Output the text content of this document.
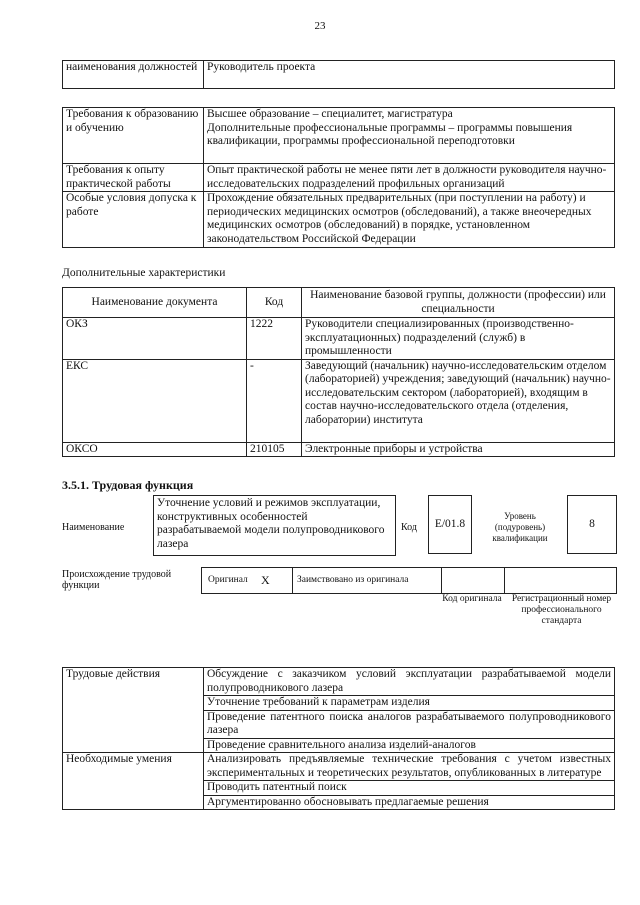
23
наименования должностей	Руководитель проекта
Требования к образованию и обучению	Высшее образование – специалитет, магистратура
Дополнительные профессиональные программы – программы повышения квалификации, программы профессиональной переподготовки

Требования к опыту практической работы	Опыт практической работы не менее пяти лет в должности руководителя научно-исследовательских подразделений профильных организаций

Особые условия допуска к работе	Прохождение обязательных предварительных (при поступлении на работу) и периодических медицинских осмотров (обследований), а также внеочередных медицинских осмотров (обследований) в порядке, установленном законодательством Российской Федерации
Дополнительные характеристики
Наименование документа	Код	Наименование базовой группы, должности (профессии) или специальности
ОКЗ	1222	Руководители специализированных (производственно-эксплуатационных) подразделений (служб) в промышленности
ЕКС	-	Заведующий (начальник) научно-исследовательским отделом (лабораторией) учреждения; заведующий (начальник) научно-исследовательским сектором (лабораторией), входящим в состав научно-исследовательского отдела (отделения, лаборатории) института
ОКСО	210105	Электронные приборы и устройства
3.5.1. Трудовая функция
Наименование
Уточнение условий и режимов эксплуатации, конструктивных особенностей разрабатываемой модели полупроводникового лазера
Код	E/01.8
Уровень (подуровень) квалификации
8
Происхождение трудовой функции	Оригинал X	Заимствовано из оригинала
Код оригинала	Регистрационный номер профессионального стандарта
Трудовые действия	Обсуждение с заказчиком условий эксплуатации разрабатываемой модели полупроводникового лазера
	Уточнение требований к параметрам изделия
	Проведение патентного поиска аналогов разрабатываемого полупроводникового лазера
	Проведение сравнительного анализа изделий-аналогов
Необходимые умения	Анализировать предъявляемые технические требования с учетом известных экспериментальных и теоретических результатов, опубликованных в литературе
	Проводить патентный поиск
	Аргументированно обосновывать предлагаемые решения
